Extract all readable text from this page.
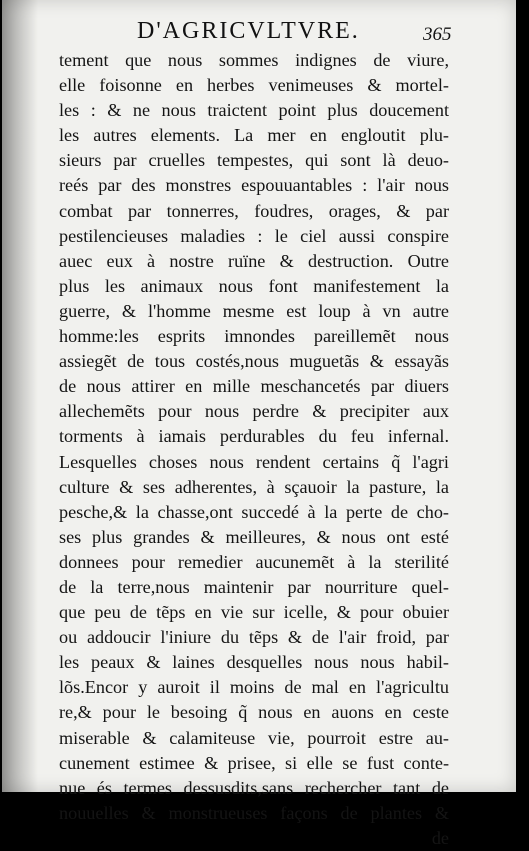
D'AGRICVLTVRE.	365
tement que nous sommes indignes de viure,
elle foisonne en herbes venimeuses & mortel-
les : & ne nous traictent point plus doucement
les autres elements. La mer en engloutit plu-
sieurs par cruelles tempestes, qui sont là deuo-
reés par des monstres espouuantables : l'air nous
combat par tonnerres, foudres, orages, & par
pestilencieuses maladies : le ciel aussi conspire
auec eux à nostre ruïne & destruction. Outre
plus les animaux nous font manifestement la
guerre, & l'homme mesme est loup à vn autre
homme:les esprits imnondes pareillemẽt nous
assiegẽt de tous costés,nous muguetãs & essayãs
de nous attirer en mille meschancetés par diuers
allechemẽts pour nous perdre & precipiter aux
torments à iamais perdurables du feu infernal.
Lesquelles choses nous rendent certains q̃ l'agri
culture & ses adherentes, à sçauoir la pasture, la
pesche,& la chasse,ont succedé à la perte de cho-
ses plus grandes & meilleures, & nous ont esté
donnees pour remedier aucunemẽt à la sterilité
de la terre,nous maintenir par nourriture quel-
que peu de tẽps en vie sur icelle, & pour obuier
ou addoucir l'iniure du tẽps & de l'air froid, par
les peaux & laines desquelles nous nous habil-
lõs.Encor y auroit il moins de mal en l'agricultu
re,& pour le besoing q̃ nous en auons en ceste
miserable & calamiteuse vie, pourroit estre au-
cunement estimee & prisee, si elle se fust conte-
nue és termes dessusdits,sans rechercher tant de
nouuelles & monstrueuses façons de plantes &
de
